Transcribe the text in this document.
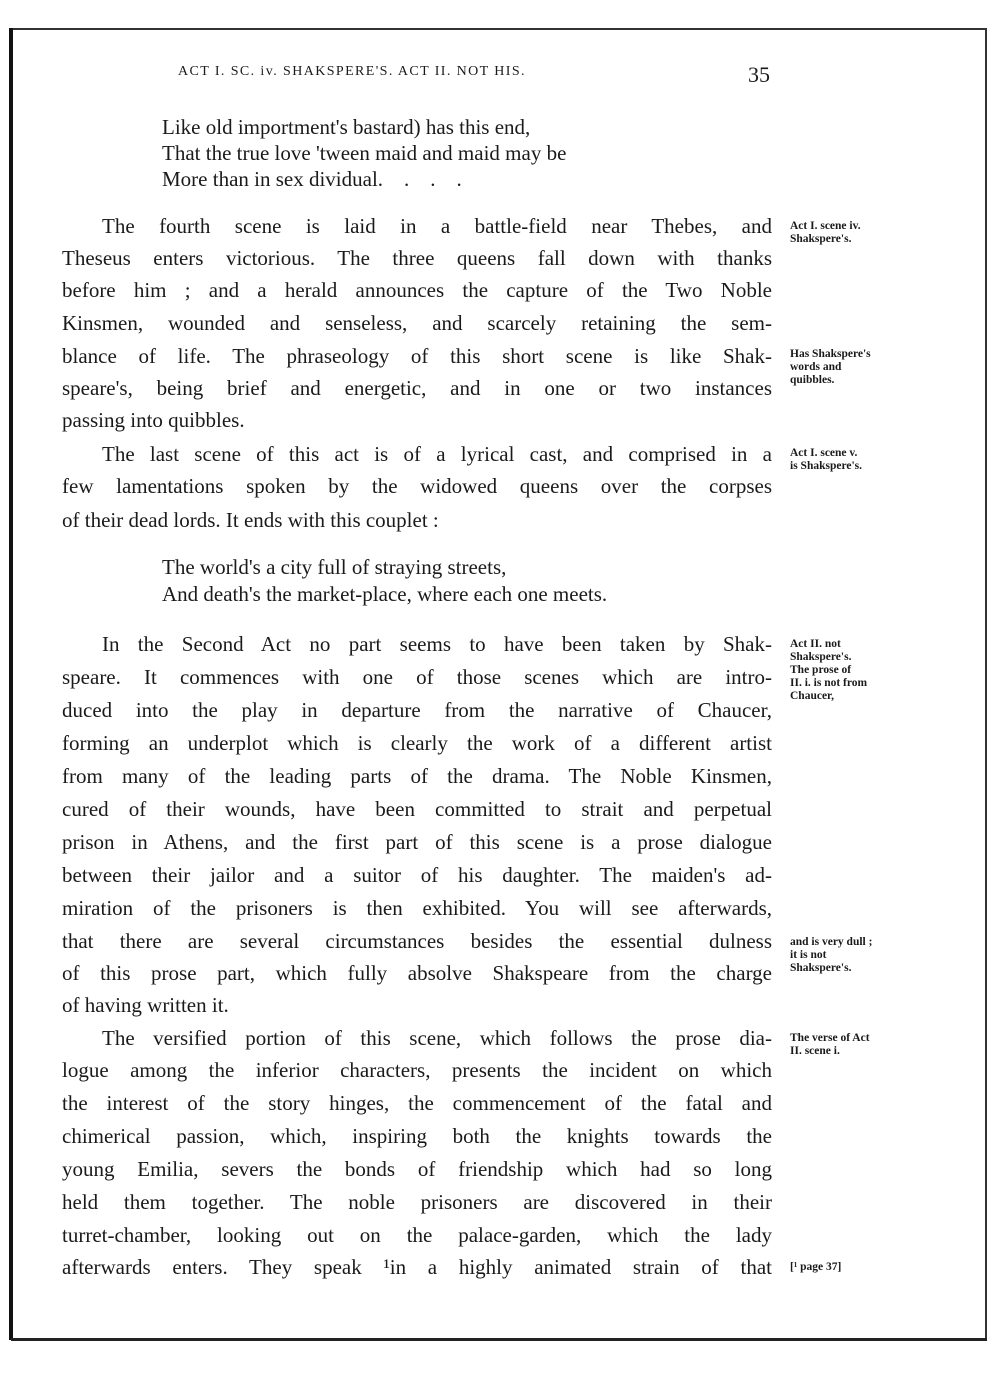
ACT I. SC. iv. SHAKSPERE'S. ACT II. NOT HIS.	35
Like old importment's bastard) has this end,
That the true love 'tween maid and maid may be
More than in sex dividual.    .    .    .
The fourth scene is laid in a battle-field near Thebes, and
Theseus enters victorious. The three queens fall down with thanks
before him ; and a herald announces the capture of the Two Noble
Kinsmen, wounded and senseless, and scarcely retaining the sem-
blance of life. The phraseology of this short scene is like Shak-
speare's, being brief and energetic, and in one or two instances
passing into quibbles.
The last scene of this act is of a lyrical cast, and comprised in a
few lamentations spoken by the widowed queens over the corpses
of their dead lords. It ends with this couplet :
The world's a city full of straying streets,
And death's the market-place, where each one meets.
In the Second Act no part seems to have been taken by Shak-
speare. It commences with one of those scenes which are intro-
duced into the play in departure from the narrative of Chaucer,
forming an underplot which is clearly the work of a different artist
from many of the leading parts of the drama. The Noble Kinsmen,
cured of their wounds, have been committed to strait and perpetual
prison in Athens, and the first part of this scene is a prose dialogue
between their jailor and a suitor of his daughter. The maiden's ad-
miration of the prisoners is then exhibited. You will see afterwards,
that there are several circumstances besides the essential dulness
of this prose part, which fully absolve Shakspeare from the charge
of having written it.
The versified portion of this scene, which follows the prose dia-
logue among the inferior characters, presents the incident on which
the interest of the story hinges, the commencement of the fatal and
chimerical passion, which, inspiring both the knights towards the
young Emilia, severs the bonds of friendship which had so long
held them together. The noble prisoners are discovered in their
turret-chamber, looking out on the palace-garden, which the lady
afterwards enters. They speak ¹in a highly animated strain of that
Act I. scene iv.
Shakspere's.
Has Shakspere's
words and
quibbles.
Act I. scene v.
is Shakspere's.
Act II. not
Shakspere's.
The prose of
II. i. is not from
Chaucer,
and is very dull ;
it is not
Shakspere's.
The verse of Act
II. scene i.
[¹ page 37]
